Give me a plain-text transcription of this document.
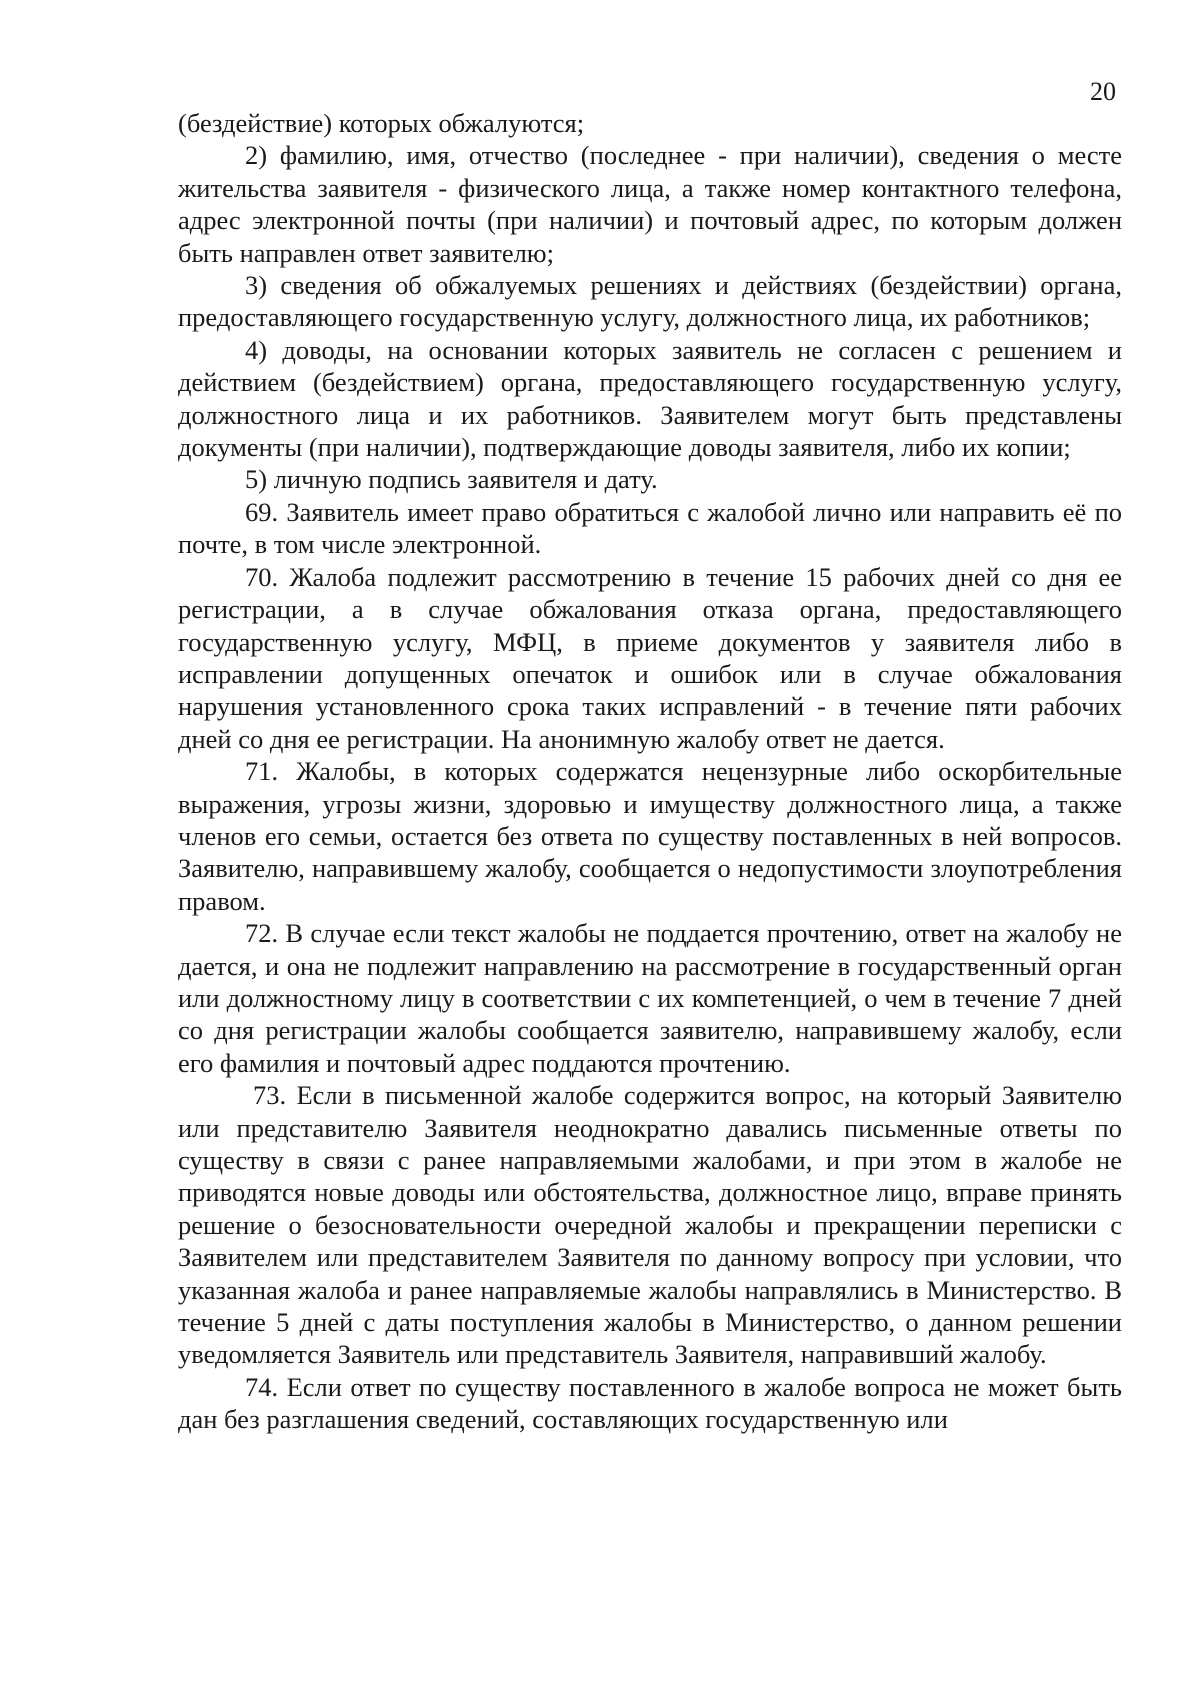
20

(бездействие) которых обжалуются;

2) фамилию, имя, отчество (последнее - при наличии), сведения о месте жительства заявителя - физического лица, а также номер контактного телефона, адрес электронной почты (при наличии) и почтовый адрес, по которым должен быть направлен ответ заявителю;

3) сведения об обжалуемых решениях и действиях (бездействии) органа, предоставляющего государственную услугу, должностного лица, их работников;

4) доводы, на основании которых заявитель не согласен с решением и действием (бездействием) органа, предоставляющего государственную услугу, должностного лица и их работников. Заявителем могут быть представлены документы (при наличии), подтверждающие доводы заявителя, либо их копии;

5) личную подпись заявителя и дату.

69. Заявитель имеет право обратиться с жалобой лично или направить её по почте, в том числе электронной.

70. Жалоба подлежит рассмотрению в течение 15 рабочих дней со дня ее регистрации, а в случае обжалования отказа органа, предоставляющего государственную услугу, МФЦ, в приеме документов у заявителя либо в исправлении допущенных опечаток и ошибок или в случае обжалования нарушения установленного срока таких исправлений - в течение пяти рабочих дней со дня ее регистрации. На анонимную жалобу ответ не дается.

71. Жалобы, в которых содержатся нецензурные либо оскорбительные выражения, угрозы жизни, здоровью и имуществу должностного лица, а также членов его семьи, остается без ответа по существу поставленных в ней вопросов. Заявителю, направившему жалобу, сообщается о недопустимости злоупотребления правом.

72. В случае если текст жалобы не поддается прочтению, ответ на жалобу не дается, и она не подлежит направлению на рассмотрение в государственный орган или должностному лицу в соответствии с их компетенцией, о чем в течение 7 дней со дня регистрации жалобы сообщается заявителю, направившему жалобу, если его фамилия и почтовый адрес поддаются прочтению.

73. Если в письменной жалобе содержится вопрос, на который Заявителю или представителю Заявителя неоднократно давались письменные ответы по существу в связи с ранее направляемыми жалобами, и при этом в жалобе не приводятся новые доводы или обстоятельства, должностное лицо, вправе принять решение о безосновательности очередной жалобы и прекращении переписки с Заявителем или представителем Заявителя по данному вопросу при условии, что указанная жалоба и ранее направляемые жалобы направлялись в Министерство. В течение 5 дней с даты поступления жалобы в Министерство, о данном решении уведомляется Заявитель или представитель Заявителя, направивший жалобу.

74. Если ответ по существу поставленного в жалобе вопроса не может быть дан без разглашения сведений, составляющих государственную или
